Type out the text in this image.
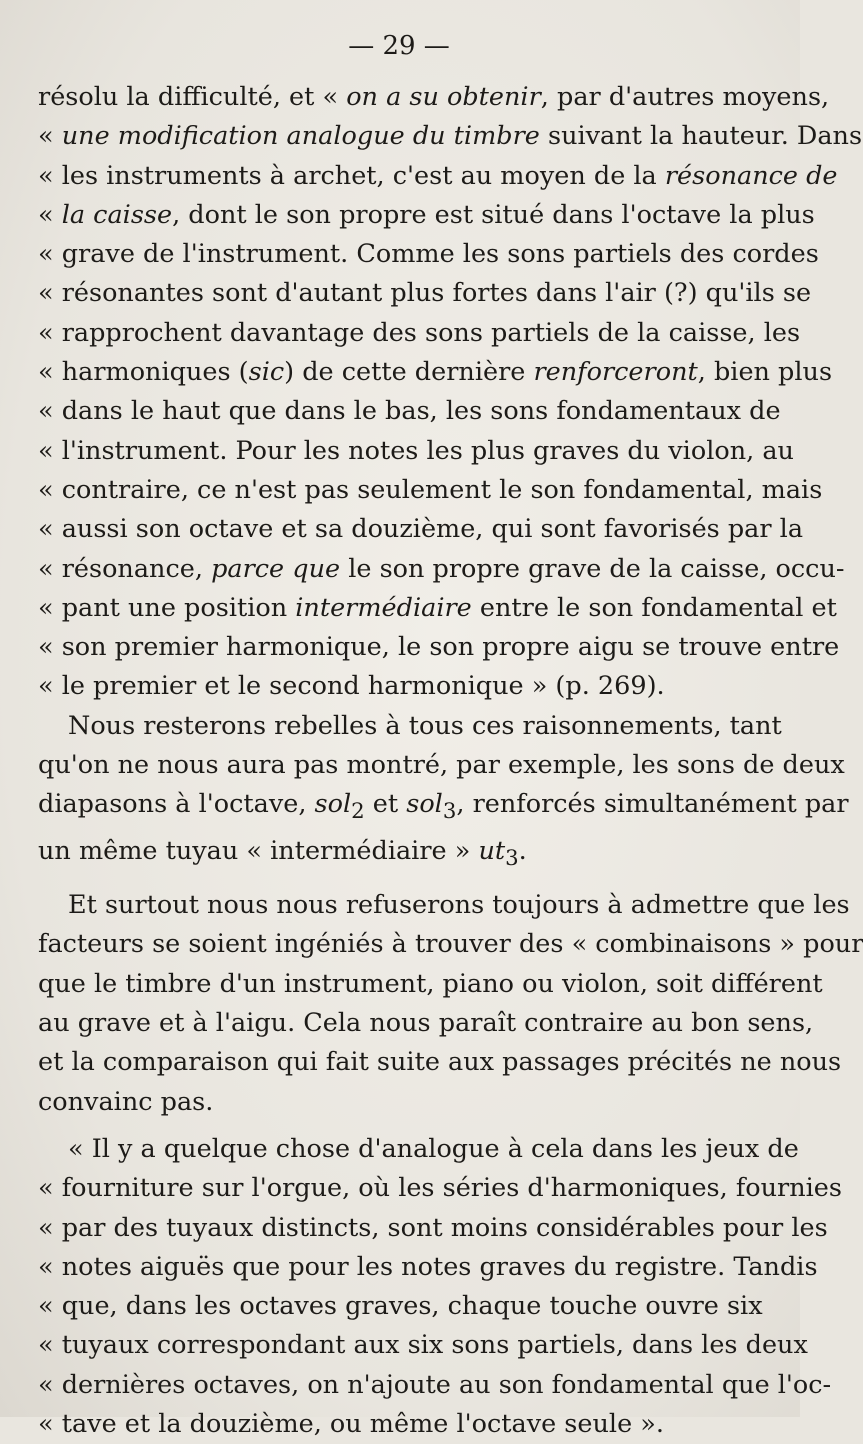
— 29 —
résolu la difficulté, et « on a su obtenir, par d'autres moyens,
« une modification analogue du timbre suivant la hauteur. Dans
« les instruments à archet, c'est au moyen de la résonance de
« la caisse, dont le son propre est situé dans l'octave la plus
« grave de l'instrument. Comme les sons partiels des cordes
« résonantes sont d'autant plus fortes dans l'air (?) qu'ils se
« rapprochent davantage des sons partiels de la caisse, les
« harmoniques (sic) de cette dernière renforceront, bien plus
« dans le haut que dans le bas, les sons fondamentaux de
« l'instrument. Pour les notes les plus graves du violon, au
« contraire, ce n'est pas seulement le son fondamental, mais
« aussi son octave et sa douzième, qui sont favorisés par la
« résonance, parce que le son propre grave de la caisse, occu-
« pant une position intermédiaire entre le son fondamental et
« son premier harmonique, le son propre aigu se trouve entre
« le premier et le second harmonique » (p. 269).
Nous resterons rebelles à tous ces raisonnements, tant
qu'on ne nous aura pas montré, par exemple, les sons de deux
diapasons à l'octave, sol$_2$ et sol$_3$, renforcés simultanément par
un même tuyau « intermédiaire » $ut_3$.
Et surtout nous nous refuserons toujours à admettre que les
facteurs se soient ingéniés à trouver des « combinaisons » pour
que le timbre d'un instrument, piano ou violon, soit différent
au grave et à l'aigu. Cela nous paraît contraire au bon sens,
et la comparaison qui fait suite aux passages précités ne nous
convainc pas.
« Il y a quelque chose d'analogue à cela dans les jeux de
« fourniture sur l'orgue, où les séries d'harmoniques, fournies
« par des tuyaux distincts, sont moins considérables pour les
« notes aiguës que pour les notes graves du registre. Tandis
« que, dans les octaves graves, chaque touche ouvre six
« tuyaux correspondant aux six sons partiels, dans les deux
« dernières octaves, on n'ajoute au son fondamental que l'oc-
« tave et la douzième, ou même l'octave seule ».
